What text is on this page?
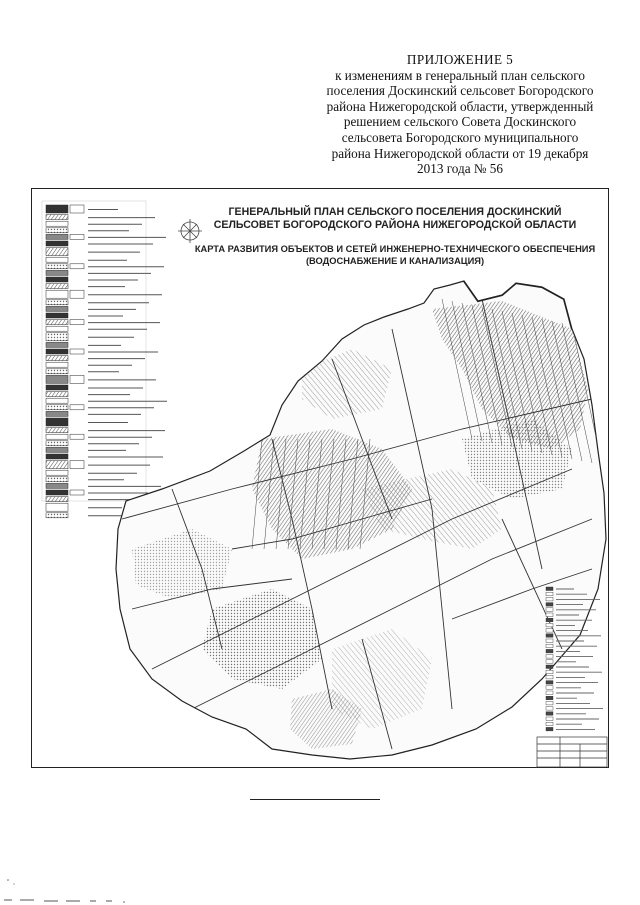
ПРИЛОЖЕНИЕ 5
к изменениям в генеральный план сельского
поселения Доскинский сельсовет Богородского
района Нижегородской области, утвержденный
решением сельского Совета Доскинского
сельсовета Богородского муниципального
района Нижегородской области от 19 декабря
2013 года № 56
ГЕНЕРАЛЬНЫЙ ПЛАН СЕЛЬСКОГО ПОСЕЛЕНИЯ ДОСКИНСКИЙ
СЕЛЬСОВЕТ БОГОРОДСКОГО РАЙОНА НИЖЕГОРОДСКОЙ ОБЛАСТИ
КАРТА РАЗВИТИЯ ОБЪЕКТОВ И СЕТЕЙ ИНЖЕНЕРНО-ТЕХНИЧЕСКОГО ОБЕСПЕЧЕНИЯ
(ВОДОСНАБЖЕНИЕ И КАНАЛИЗАЦИЯ)
